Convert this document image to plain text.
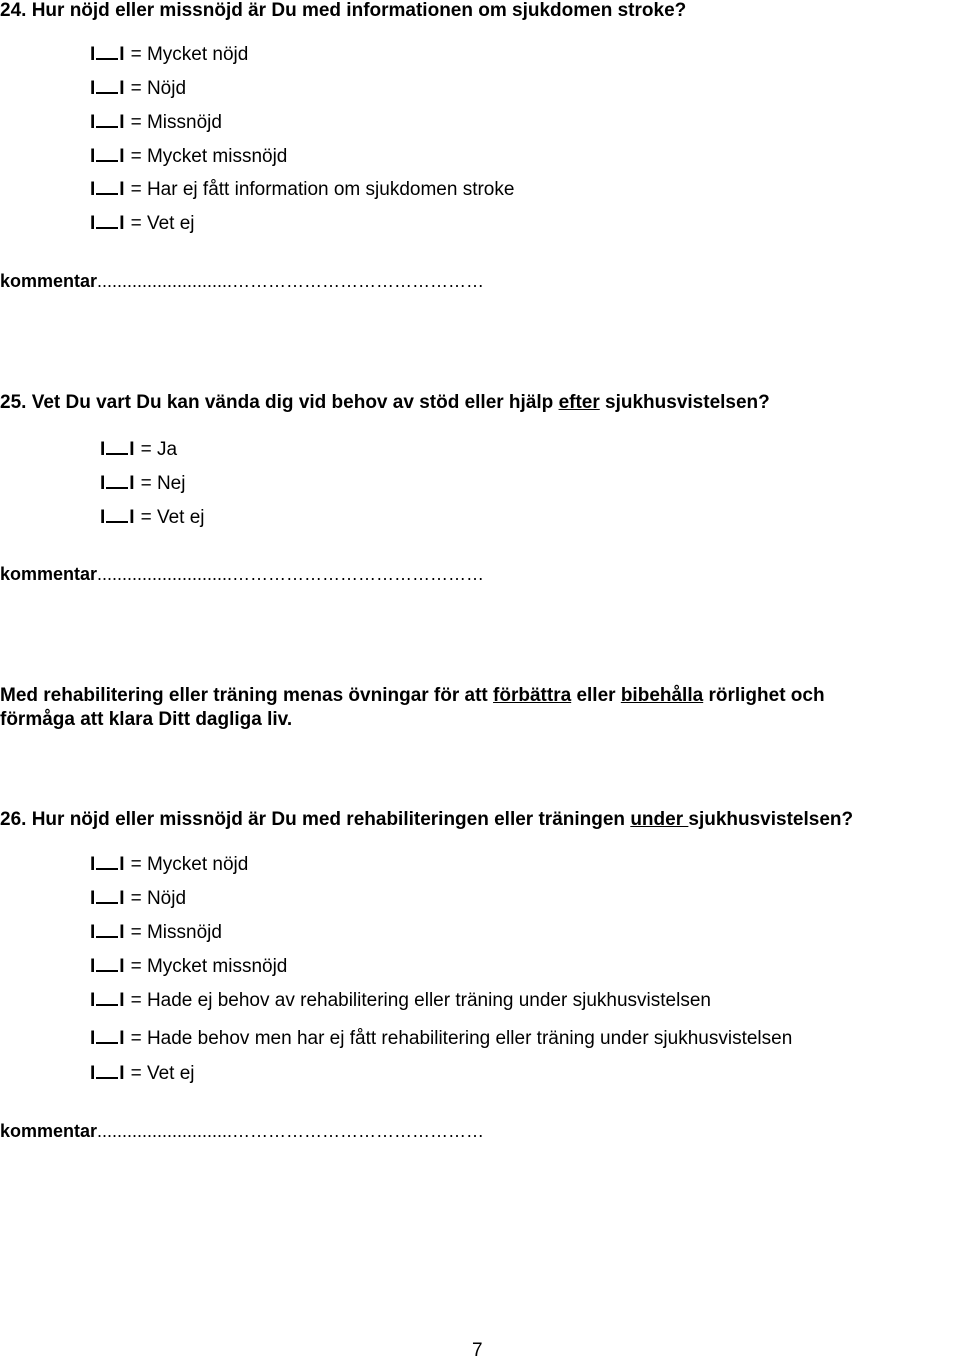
24. Hur nöjd eller missnöjd är Du med informationen om sjukdomen stroke?
I I = Mycket nöjd
I I = Nöjd
I I = Missnöjd
I I = Mycket missnöjd
I I = Har ej fått information om sjukdomen stroke
I I = Vet ej
kommentar...........................……………………………………
25. Vet Du vart Du kan vända dig vid behov av stöd eller hjälp efter sjukhusvistelsen?
I I = Ja
I I = Nej
I I = Vet ej
kommentar...........................……………………………………
Med rehabilitering eller träning menas övningar för att förbättra eller bibehålla rörlighet och
förmåga att klara Ditt dagliga liv.
26. Hur nöjd eller missnöjd är Du med rehabiliteringen eller träningen under sjukhusvistelsen?
I I = Mycket nöjd
I I = Nöjd
I I = Missnöjd
I I = Mycket missnöjd
I I = Hade ej behov av rehabilitering eller träning under sjukhusvistelsen
I I = Hade behov men har ej fått rehabilitering eller träning under sjukhusvistelsen
I I = Vet ej
kommentar...........................……………………………………
7
